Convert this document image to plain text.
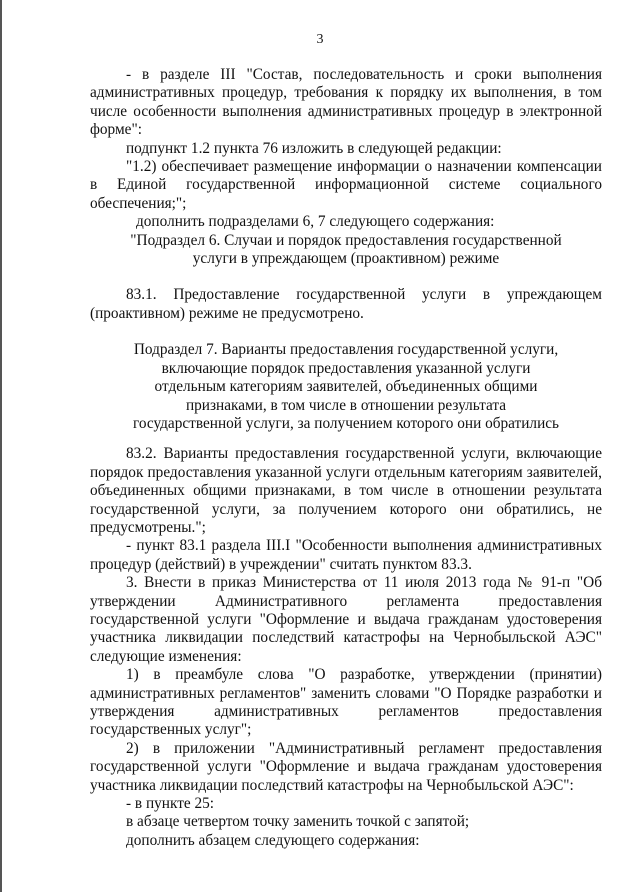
3

- в разделе III "Состав, последовательность и сроки выполнения административных процедур, требования к порядку их выполнения, в том числе особенности выполнения административных процедур в электронной форме":

подпункт 1.2 пункта 76 изложить в следующей редакции:

"1.2) обеспечивает размещение информации о назначении компенсации в Единой государственной информационной системе социального обеспечения;";

дополнить подразделами 6, 7 следующего содержания:

"Подраздел 6. Случаи и порядок предоставления государственной услуги в упреждающем (проактивном) режиме

83.1. Предоставление государственной услуги в упреждающем (проактивном) режиме не предусмотрено.

Подраздел 7. Варианты предоставления государственной услуги, включающие порядок предоставления указанной услуги отдельным категориям заявителей, объединенных общими признаками, в том числе в отношении результата государственной услуги, за получением которого они обратились

83.2. Варианты предоставления государственной услуги, включающие порядок предоставления указанной услуги отдельным категориям заявителей, объединенных общими признаками, в том числе в отношении результата государственной услуги, за получением которого они обратились, не предусмотрены.";

- пункт 83.1 раздела III.I "Особенности выполнения административных процедур (действий) в учреждении" считать пунктом 83.3.

3. Внести в приказ Министерства от 11 июля 2013 года № 91-п "Об утверждении Административного регламента предоставления государственной услуги "Оформление и выдача гражданам удостоверения участника ликвидации последствий катастрофы на Чернобыльской АЭС" следующие изменения:

1) в преамбуле слова "О разработке, утверждении (принятии) административных регламентов" заменить словами "О Порядке разработки и утверждения административных регламентов предоставления государственных услуг";

2) в приложении "Административный регламент предоставления государственной услуги "Оформление и выдача гражданам удостоверения участника ликвидации последствий катастрофы на Чернобыльской АЭС":

- в пункте 25:

в абзаце четвертом точку заменить точкой с запятой;

дополнить абзацем следующего содержания:
